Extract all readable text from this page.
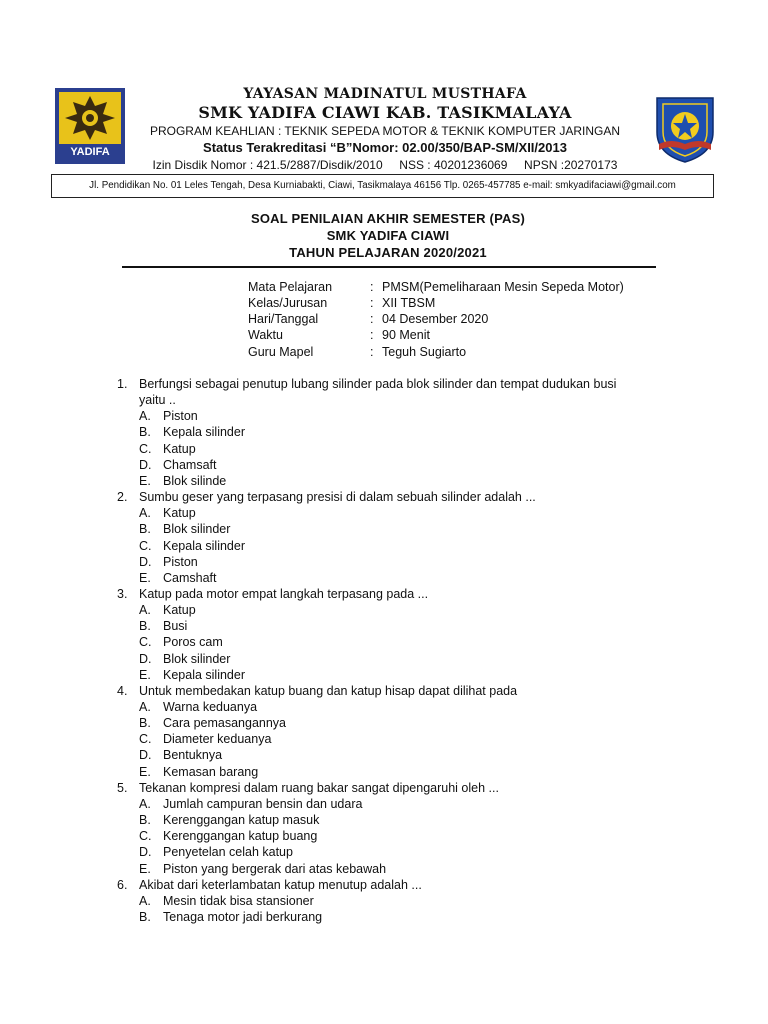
YADIFA
YAYASAN MADINATUL MUSTHAFA
SMK YADIFA CIAWI KAB. TASIKMALAYA
PROGRAM KEAHLIAN : TEKNIK SEPEDA MOTOR & TEKNIK KOMPUTER JARINGAN
Status Terakreditasi “B”Nomor: 02.00/350/BAP-SM/XII/2013
Izin Disdik Nomor : 421.5/2887/Disdik/2010     NSS : 40201236069     NPSN :20270173
Jl. Pendidikan No. 01 Leles Tengah, Desa Kurniabakti, Ciawi, Tasikmalaya 46156 Tlp. 0265-457785 e-mail: smkyadifaciawi@gmail.com
SOAL PENILAIAN AKHIR SEMESTER (PAS)
SMK YADIFA CIAWI
TAHUN PELAJARAN 2020/2021
Mata Pelajaran	: PMSM(Pemeliharaan Mesin Sepeda Motor)
Kelas/Jurusan	: XII TBSM
Hari/Tanggal	: 04 Desember 2020
Waktu	: 90 Menit
Guru Mapel	: Teguh Sugiarto
1. Berfungsi sebagai penutup lubang silinder pada blok silinder dan tempat dudukan busi
yaitu ..
A. Piston
B. Kepala silinder
C. Katup
D. Chamsaft
E. Blok silinde
2. Sumbu geser yang terpasang presisi di dalam sebuah silinder adalah ...
A. Katup
B. Blok silinder
C. Kepala silinder
D. Piston
E. Camshaft
3. Katup pada motor empat langkah terpasang pada ...
A. Katup
B. Busi
C. Poros cam
D. Blok silinder
E. Kepala silinder
4. Untuk membedakan katup buang dan katup hisap dapat dilihat pada
A. Warna keduanya
B. Cara pemasangannya
C. Diameter keduanya
D. Bentuknya
E. Kemasan barang
5. Tekanan kompresi dalam ruang bakar sangat dipengaruhi oleh ...
A. Jumlah campuran bensin dan udara
B. Kerenggangan katup masuk
C. Kerenggangan katup buang
D. Penyetelan celah katup
E. Piston yang bergerak dari atas kebawah
6. Akibat dari keterlambatan katup menutup adalah ...
A. Mesin tidak bisa stansioner
B. Tenaga motor jadi berkurang
